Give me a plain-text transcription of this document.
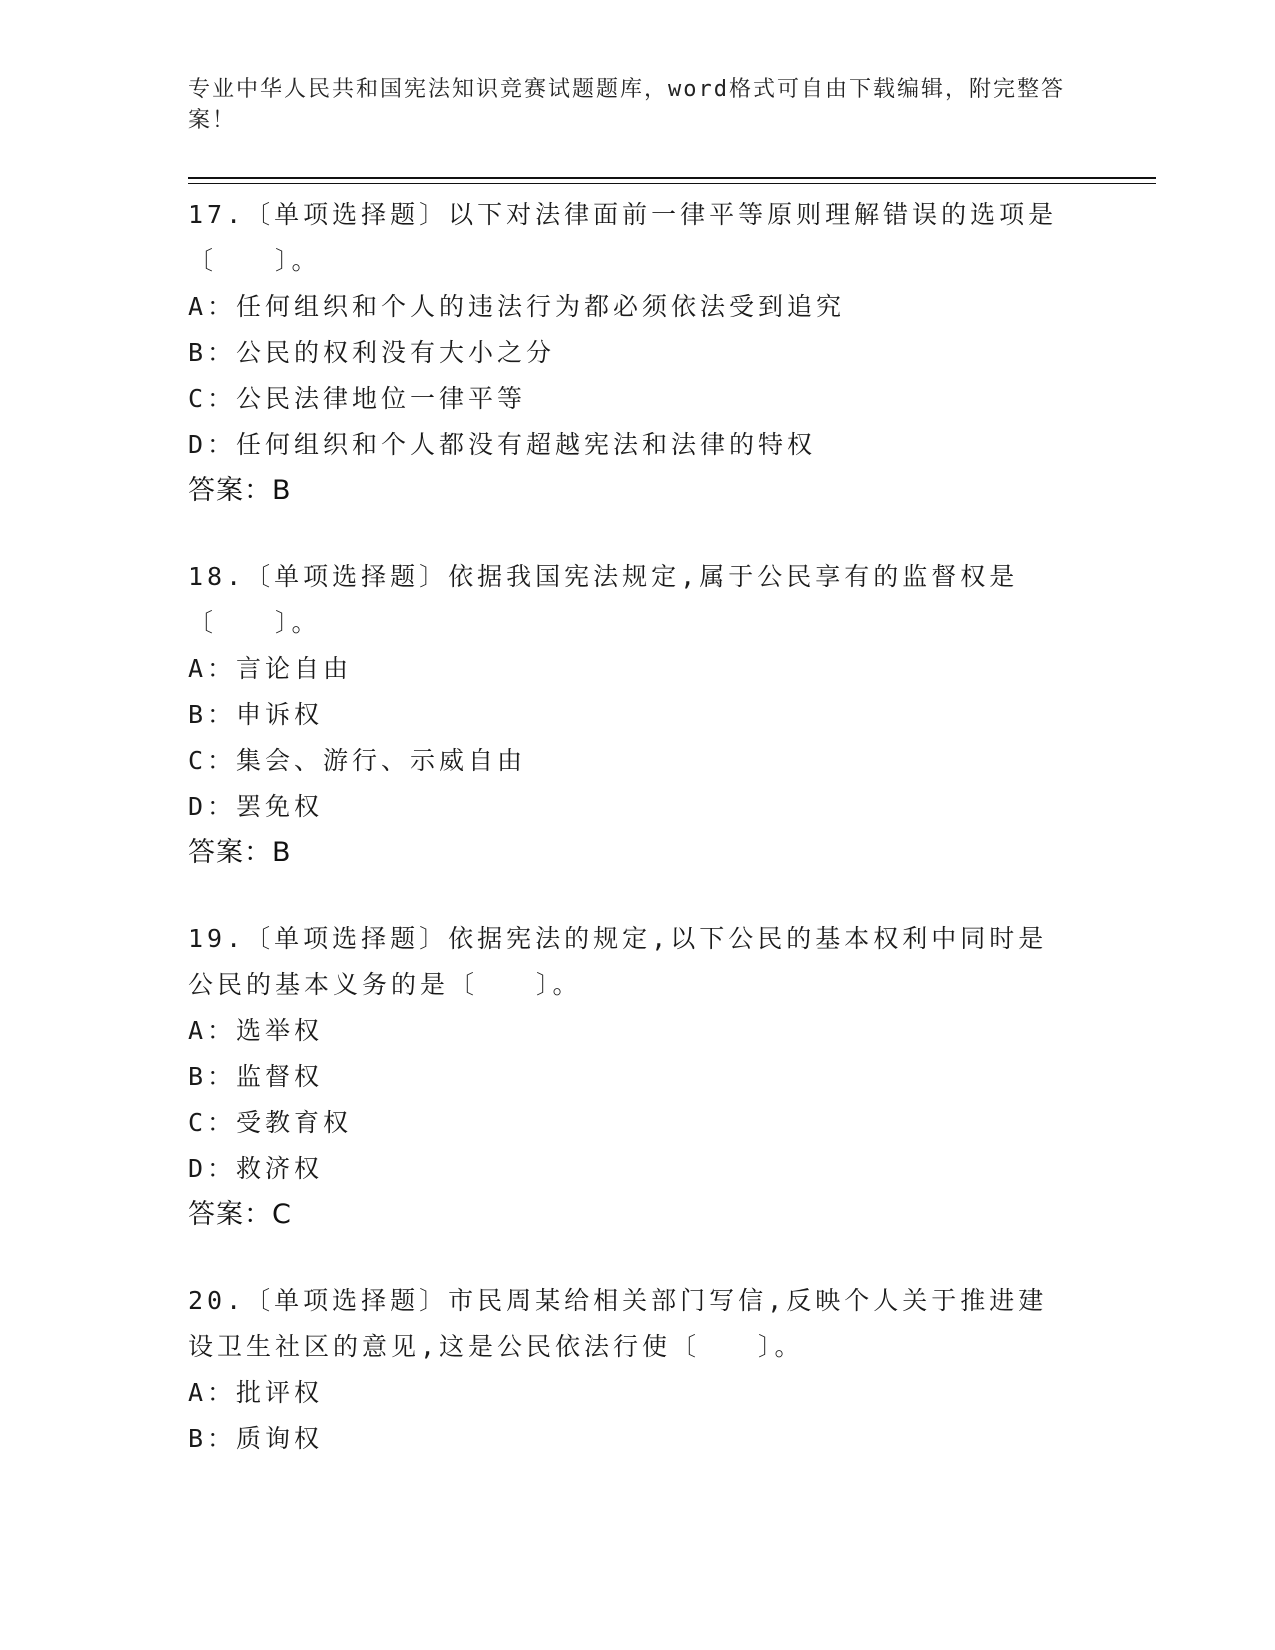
专业中华人民共和国宪法知识竞赛试题题库，word格式可自由下载编辑，附完整答案！
17.〔单项选择题〕以下对法律面前一律平等原则理解错误的选项是〔　　〕。
A：任何组织和个人的违法行为都必须依法受到追究
B：公民的权利没有大小之分
C：公民法律地位一律平等
D：任何组织和个人都没有超越宪法和法律的特权
答案：B
18.〔单项选择题〕依据我国宪法规定,属于公民享有的监督权是〔　　〕。
A：言论自由
B：申诉权
C：集会、游行、示威自由
D：罢免权
答案：B
19.〔单项选择题〕依据宪法的规定,以下公民的基本权利中同时是公民的基本义务的是〔　　〕。
A：选举权
B：监督权
C：受教育权
D：救济权
答案：C
20.〔单项选择题〕市民周某给相关部门写信,反映个人关于推进建设卫生社区的意见,这是公民依法行使〔　　〕。
A：批评权
B：质询权
